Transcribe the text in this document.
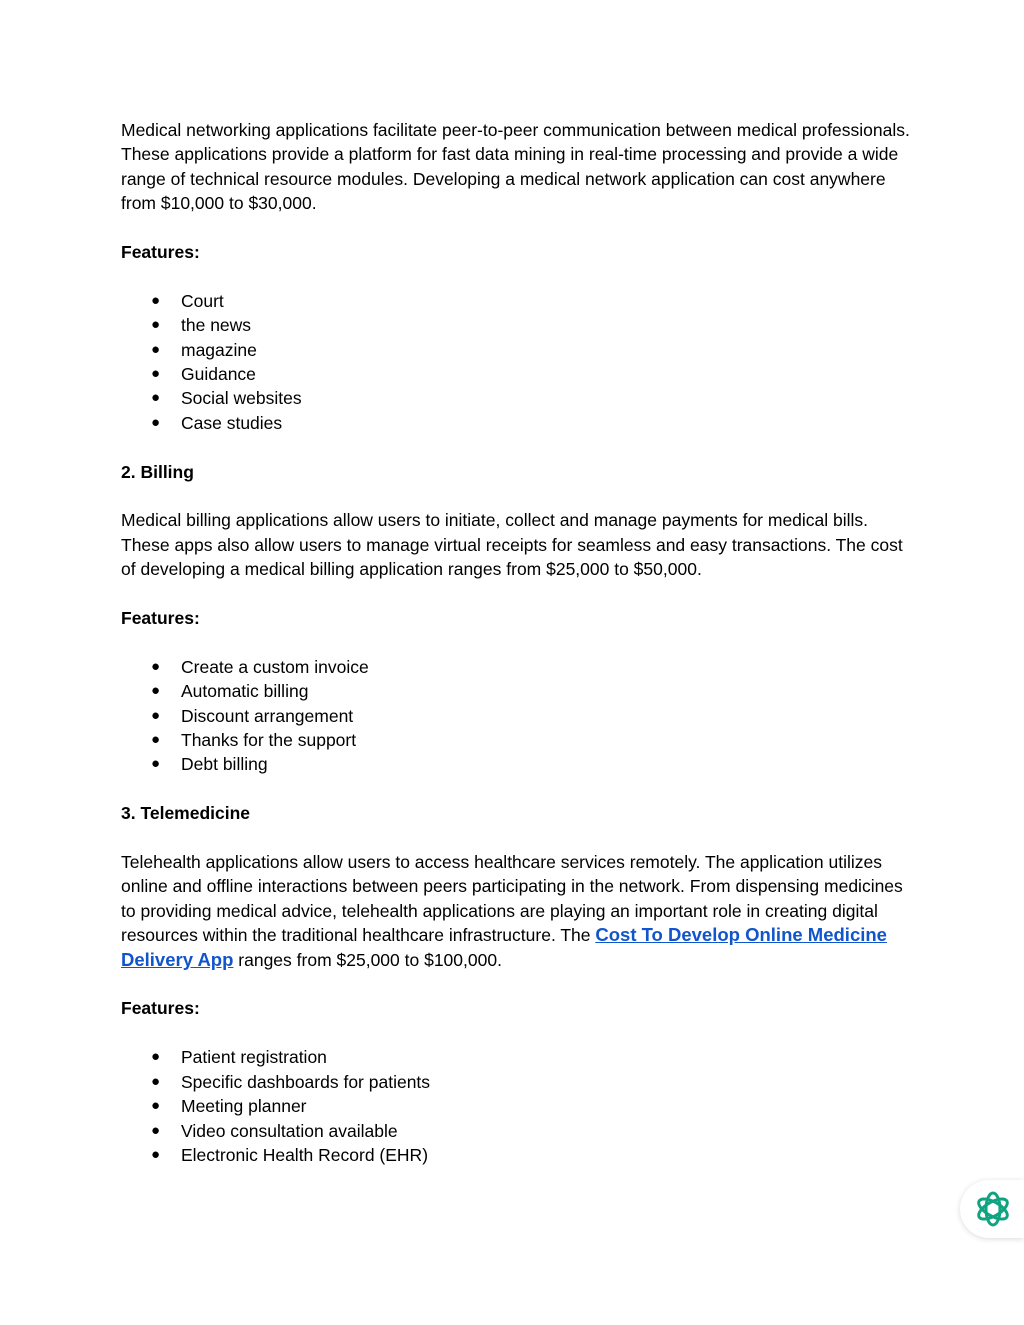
Medical networking applications facilitate peer-to-peer communication between medical professionals. These applications provide a platform for fast data mining in real-time processing and provide a wide range of technical resource modules. Developing a medical network application can cost anywhere from $10,000 to $30,000.

Features:

● Court
● the news
● magazine
● Guidance
● Social websites
● Case studies

2. Billing

Medical billing applications allow users to initiate, collect and manage payments for medical bills. These apps also allow users to manage virtual receipts for seamless and easy transactions. The cost of developing a medical billing application ranges from $25,000 to $50,000.

Features:

● Create a custom invoice
● Automatic billing
● Discount arrangement
● Thanks for the support
● Debt billing

3. Telemedicine

Telehealth applications allow users to access healthcare services remotely. The application utilizes online and offline interactions between peers participating in the network. From dispensing medicines to providing medical advice, telehealth applications are playing an important role in creating digital resources within the traditional healthcare infrastructure. The Cost To Develop Online Medicine Delivery App ranges from $25,000 to $100,000.

Features:

● Patient registration
● Specific dashboards for patients
● Meeting planner
● Video consultation available
● Electronic Health Record (EHR)
